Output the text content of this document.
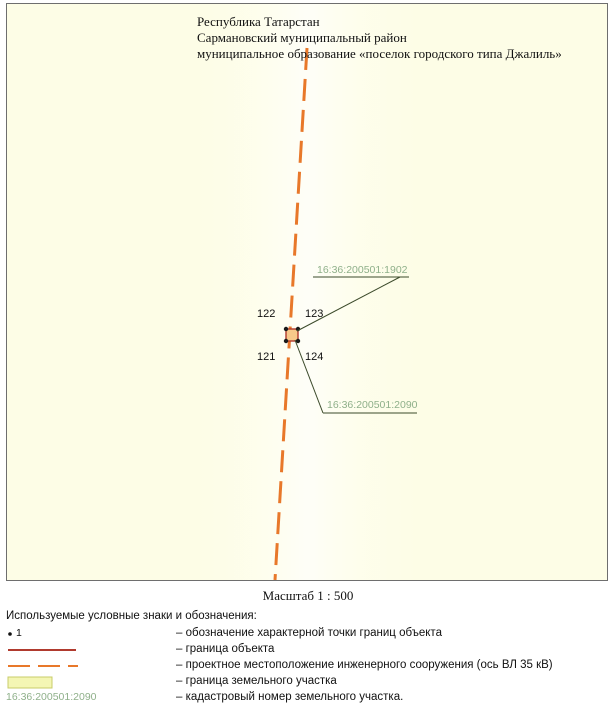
122	123
121	124
16:36:200501:1902
16:36:200501:2090
Республика Татарстан
Сармановский муниципальный район
муниципальное образование «поселок городского типа Джалиль»
Масштаб 1 : 500
Используемые условные знаки и обозначения:
1	– обозначение характерной точки границ объекта
– граница объекта
– проектное местоположение инженерного сооружения (ось ВЛ 35 кВ)
– граница земельного участка
16:36:200501:2090	– кадастровый номер земельного участка.
